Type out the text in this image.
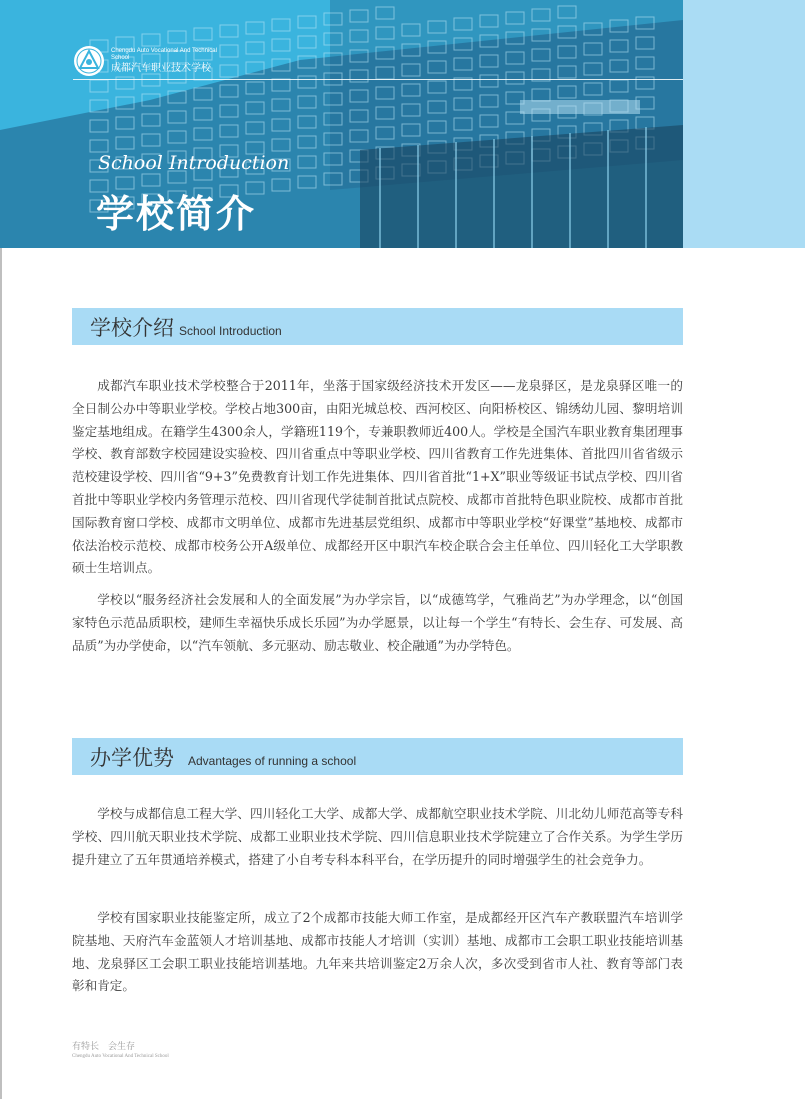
Chengdu Auto Vocational And Technical School
成都汽车职业技术学校
School Introduction
学校简介
学校介绍 School Introduction

成都汽车职业技术学校整合于2011年，坐落于国家级经济技术开发区——龙泉驿区，是龙泉驿区唯一的全日制公办中等职业学校。学校占地300亩，由阳光城总校、西河校区、向阳桥校区、锦绣幼儿园、黎明培训鉴定基地组成。在籍学生4300余人，学籍班119个，专兼职教师近400人。学校是全国汽车职业教育集团理事学校、教育部数字校园建设实验校、四川省重点中等职业学校、四川省教育工作先进集体、首批四川省省级示范校建设学校、四川省“9+3”免费教育计划工作先进集体、四川省首批“1+X”职业等级证书试点学校、四川省首批中等职业学校内务管理示范校、四川省现代学徒制首批试点院校、成都市首批特色职业院校、成都市首批国际教育窗口学校、成都市文明单位、成都市先进基层党组织、成都市中等职业学校“好课堂”基地校、成都市依法治校示范校、成都市校务公开A级单位、成都经开区中职汽车校企联合会主任单位、四川轻化工大学职教硕士生培训点。

学校以“服务经济社会发展和人的全面发展”为办学宗旨，以“成德笃学，气雅尚艺”为办学理念，以“创国家特色示范品质职校，建师生幸福快乐成长乐园”为办学愿景，以让每一个学生“有特长、会生存、可发展、高品质”为办学使命，以“汽车领航、多元驱动、励志敬业、校企融通”为办学特色。

办学优势 Advantages of running a school

学校与成都信息工程大学、四川轻化工大学、成都大学、成都航空职业技术学院、川北幼儿师范高等专科学校、四川航天职业技术学院、成都工业职业技术学院、四川信息职业技术学院建立了合作关系。为学生学历提升建立了五年贯通培养模式，搭建了小自考专科本科平台，在学历提升的同时增强学生的社会竞争力。

学校有国家职业技能鉴定所，成立了2个成都市技能大师工作室，是成都经开区汽车产教联盟汽车培训学院基地、天府汽车金蓝领人才培训基地、成都市技能人才培训（实训）基地、成都市工会职工职业技能培训基地、龙泉驿区工会职工职业技能培训基地。九年来共培训鉴定2万余人次，多次受到省市人社、教育等部门表彰和肯定。

有特长　会生存
Chengdu Auto Vocational And Technical School
